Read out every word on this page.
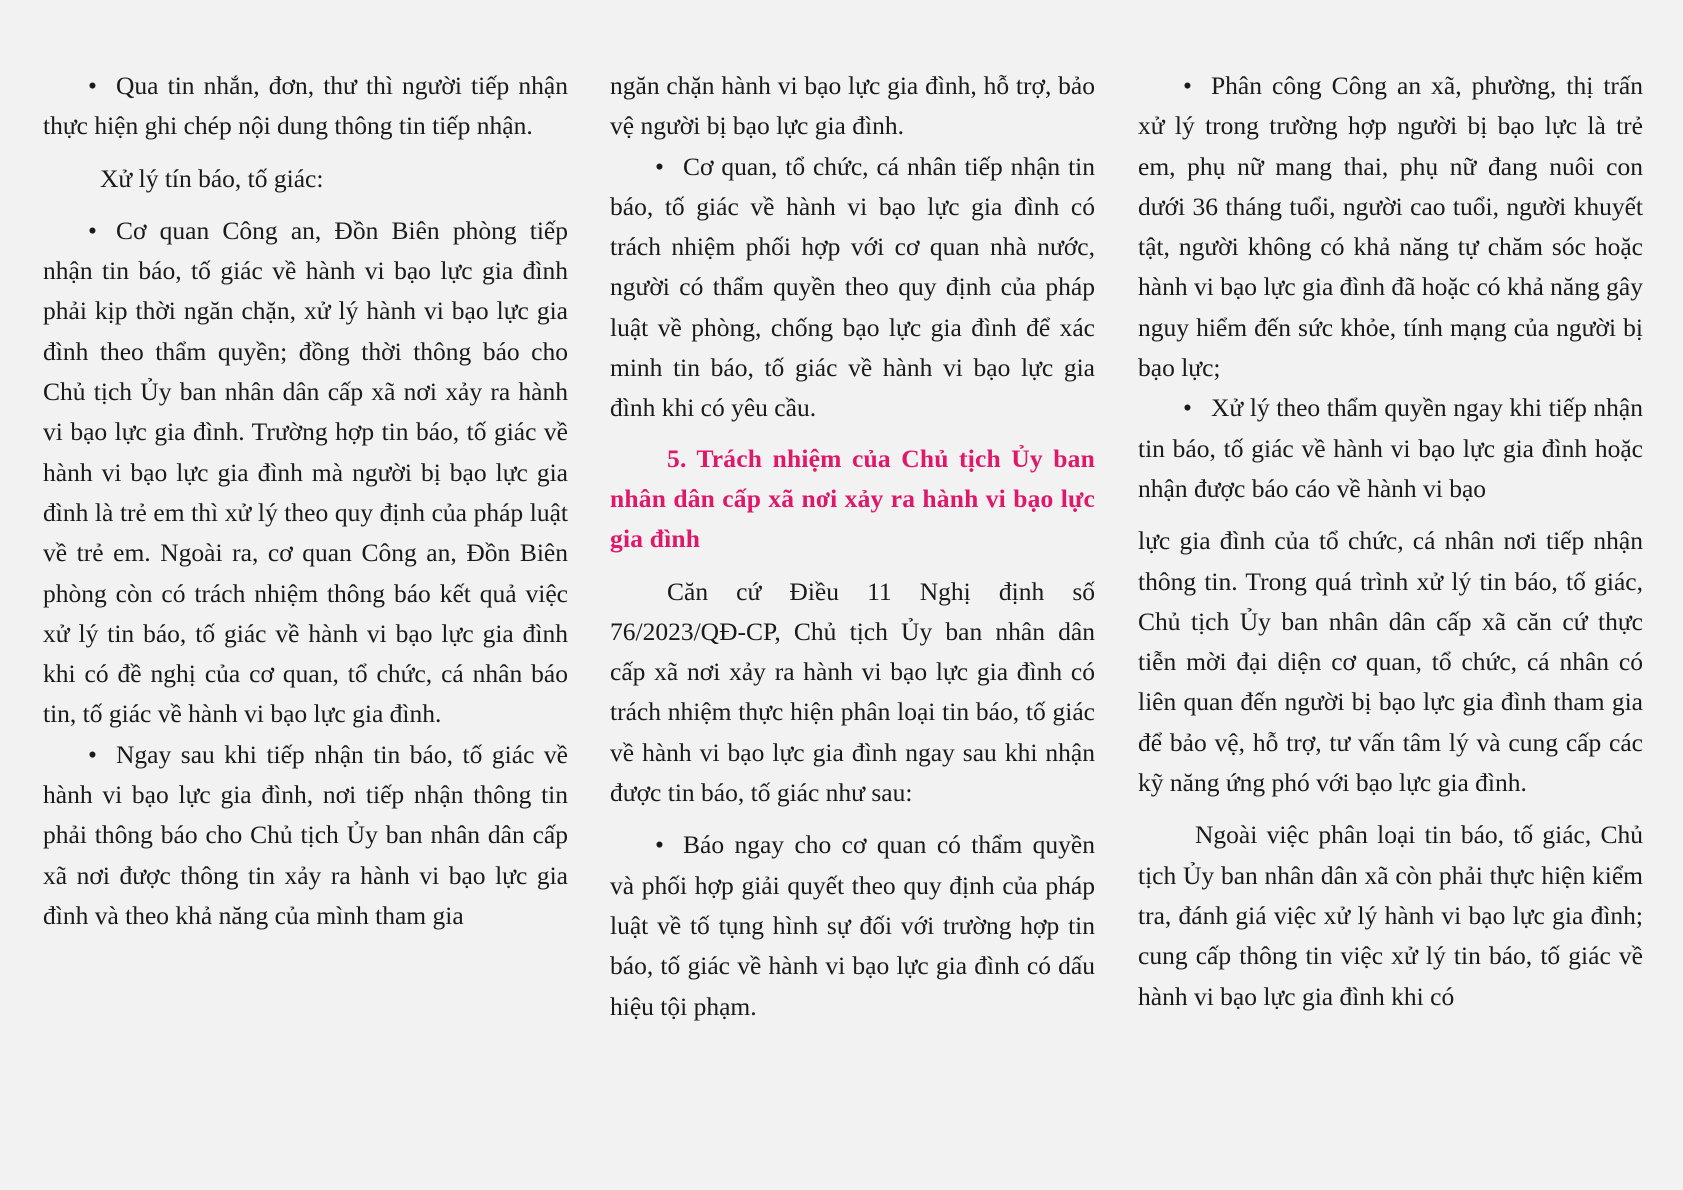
• Qua tin nhắn, đơn, thư thì người tiếp nhận thực hiện ghi chép nội dung thông tin tiếp nhận.

Xử lý tín báo, tố giác:

• Cơ quan Công an, Đồn Biên phòng tiếp nhận tin báo, tố giác về hành vi bạo lực gia đình phải kịp thời ngăn chặn, xử lý hành vi bạo lực gia đình theo thẩm quyền; đồng thời thông báo cho Chủ tịch Ủy ban nhân dân cấp xã nơi xảy ra hành vi bạo lực gia đình. Trường hợp tin báo, tố giác về hành vi bạo lực gia đình mà người bị bạo lực gia đình là trẻ em thì xử lý theo quy định của pháp luật về trẻ em. Ngoài ra, cơ quan Công an, Đồn Biên phòng còn có trách nhiệm thông báo kết quả việc xử lý tin báo, tố giác về hành vi bạo lực gia đình khi có đề nghị của cơ quan, tổ chức, cá nhân báo tin, tố giác về hành vi bạo lực gia đình.

• Ngay sau khi tiếp nhận tin báo, tố giác về hành vi bạo lực gia đình, nơi tiếp nhận thông tin phải thông báo cho Chủ tịch Ủy ban nhân dân cấp xã nơi được thông tin xảy ra hành vi bạo lực gia đình và theo khả năng của mình tham gia

ngăn chặn hành vi bạo lực gia đình, hỗ trợ, bảo vệ người bị bạo lực gia đình.

• Cơ quan, tổ chức, cá nhân tiếp nhận tin báo, tố giác về hành vi bạo lực gia đình có trách nhiệm phối hợp với cơ quan nhà nước, người có thẩm quyền theo quy định của pháp luật về phòng, chống bạo lực gia đình để xác minh tin báo, tố giác về hành vi bạo lực gia đình khi có yêu cầu.

5. Trách nhiệm của Chủ tịch Ủy ban nhân dân cấp xã nơi xảy ra hành vi bạo lực gia đình

Căn cứ Điều 11 Nghị định số 76/2023/QĐ-CP, Chủ tịch Ủy ban nhân dân cấp xã nơi xảy ra hành vi bạo lực gia đình có trách nhiệm thực hiện phân loại tin báo, tố giác về hành vi bạo lực gia đình ngay sau khi nhận được tin báo, tố giác như sau:

• Báo ngay cho cơ quan có thẩm quyền và phối hợp giải quyết theo quy định của pháp luật về tố tụng hình sự đối với trường hợp tin báo, tố giác về hành vi bạo lực gia đình có dấu hiệu tội phạm.

• Phân công Công an xã, phường, thị trấn xử lý trong trường hợp người bị bạo lực là trẻ em, phụ nữ mang thai, phụ nữ đang nuôi con dưới 36 tháng tuổi, người cao tuổi, người khuyết tật, người không có khả năng tự chăm sóc hoặc hành vi bạo lực gia đình đã hoặc có khả năng gây nguy hiểm đến sức khỏe, tính mạng của người bị bạo lực;

• Xử lý theo thẩm quyền ngay khi tiếp nhận tin báo, tố giác về hành vi bạo lực gia đình hoặc nhận được báo cáo về hành vi bạo

lực gia đình của tổ chức, cá nhân nơi tiếp nhận thông tin. Trong quá trình xử lý tin báo, tố giác, Chủ tịch Ủy ban nhân dân cấp xã căn cứ thực tiễn mời đại diện cơ quan, tổ chức, cá nhân có liên quan đến người bị bạo lực gia đình tham gia để bảo vệ, hỗ trợ, tư vấn tâm lý và cung cấp các kỹ năng ứng phó với bạo lực gia đình.

Ngoài việc phân loại tin báo, tố giác, Chủ tịch Ủy ban nhân dân xã còn phải thực hiện kiểm tra, đánh giá việc xử lý hành vi bạo lực gia đình; cung cấp thông tin việc xử lý tin báo, tố giác về hành vi bạo lực gia đình khi có
